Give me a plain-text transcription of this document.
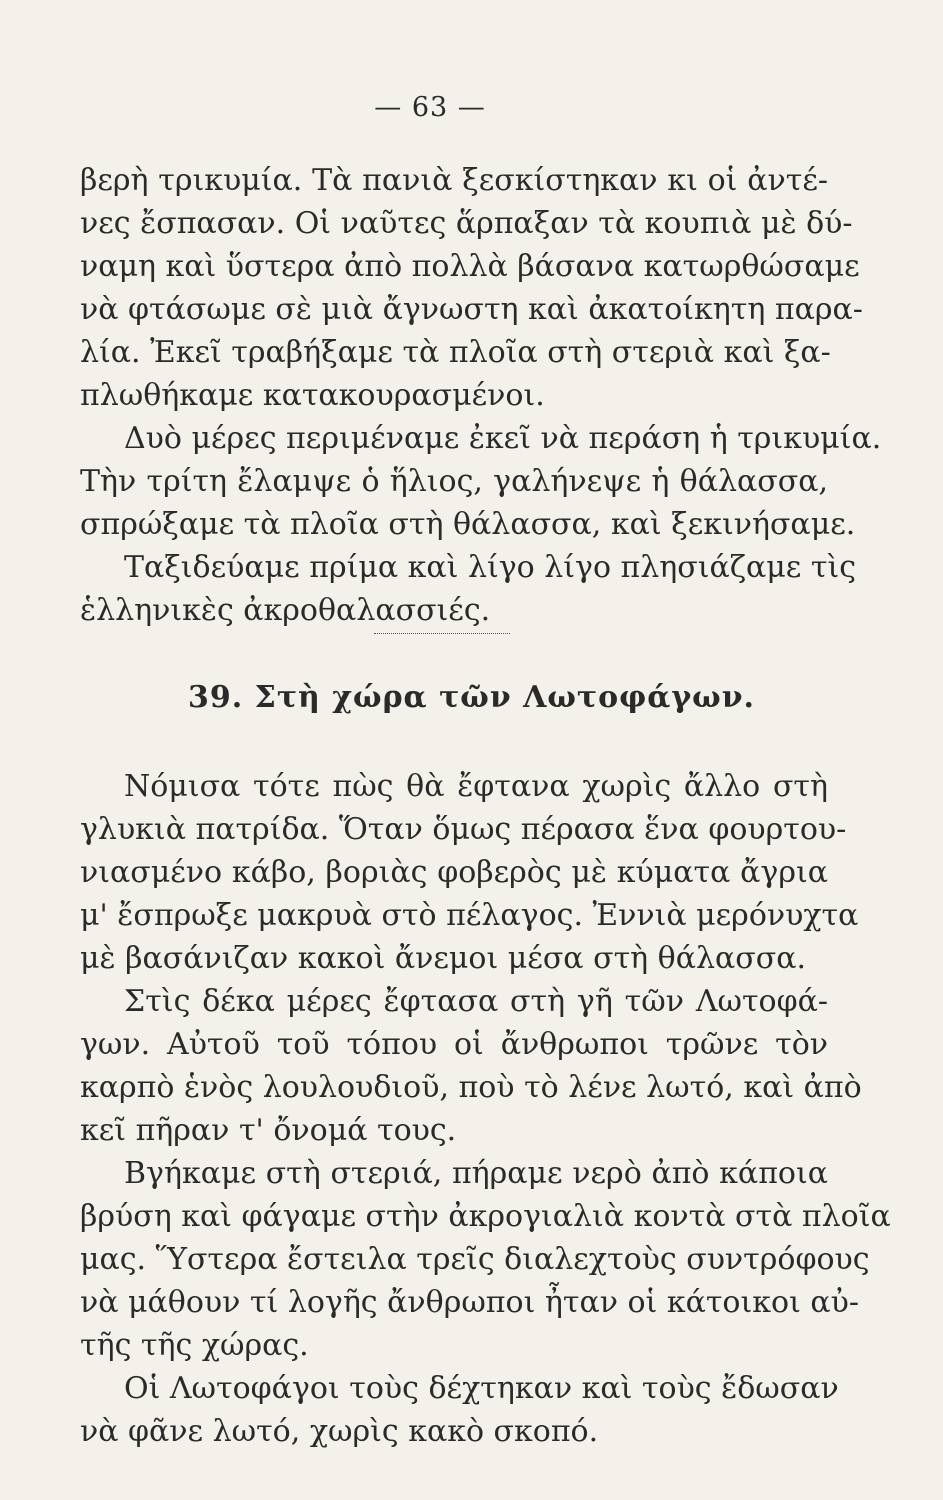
— 63 —
βερὴ τρικυμία. Τὰ πανιὰ ξεσκίστηκαν κι οἱ ἀντέ-
νες ἔσπασαν. Οἱ ναῦτες ἅρπαξαν τὰ κουπιὰ μὲ δύ-
ναμη καὶ ὕστερα ἀπὸ πολλὰ βάσανα κατωρθώσαμε
νὰ φτάσωμε σὲ μιὰ ἄγνωστη καὶ ἀκατοίκητη παρα-
λία. Ἐκεῖ τραβήξαμε τὰ πλοῖα στὴ στεριὰ καὶ ξα-
πλωθήκαμε κατακουρασμένοι.
Δυὸ μέρες περιμέναμε ἐκεῖ νὰ περάση ἡ τρικυμία.
Τὴν τρίτη ἔλαμψε ὁ ἥλιος, γαλήνεψε ἡ θάλασσα,
σπρώξαμε τὰ πλοῖα στὴ θάλασσα, καὶ ξεκινήσαμε.
Ταξιδεύαμε πρίμα καὶ λίγο λίγο πλησιάζαμε τὶς
ἑλληνικὲς ἀκροθαλασσιές.
39. Στὴ χώρα τῶν Λωτοφάγων.
Νόμισα τότε πὼς θὰ ἔφτανα χωρὶς ἄλλο στὴ
γλυκιὰ πατρίδα. Ὅταν ὅμως πέρασα ἕνα φουρτου-
νιασμένο κάβο, βοριὰς φοβερὸς μὲ κύματα ἄγρια
μ' ἔσπρωξε μακρυὰ στὸ πέλαγος. Ἐννιὰ μερόνυχτα
μὲ βασάνιζαν κακοὶ ἄνεμοι μέσα στὴ θάλασσα.
Στὶς δέκα μέρες ἔφτασα στὴ γῆ τῶν Λωτοφά-
γων. Αὐτοῦ τοῦ τόπου οἱ ἄνθρωποι τρῶνε τὸν
καρπὸ ἑνὸς λουλουδιοῦ, ποὺ τὸ λένε λωτό, καὶ ἀπὸ
κεῖ πῆραν τ' ὄνομά τους.
Βγήκαμε στὴ στεριά, πήραμε νερὸ ἀπὸ κάποια
βρύση καὶ φάγαμε στὴν ἀκρογιαλιὰ κοντὰ στὰ πλοῖα
μας. Ὕστερα ἔστειλα τρεῖς διαλεχτοὺς συντρόφους
νὰ μάθουν τί λογῆς ἄνθρωποι ἦταν οἱ κάτοικοι αὐ-
τῆς τῆς χώρας.
Οἱ Λωτοφάγοι τοὺς δέχτηκαν καὶ τοὺς ἔδωσαν
νὰ φᾶνε λωτό, χωρὶς κακὸ σκοπό.
